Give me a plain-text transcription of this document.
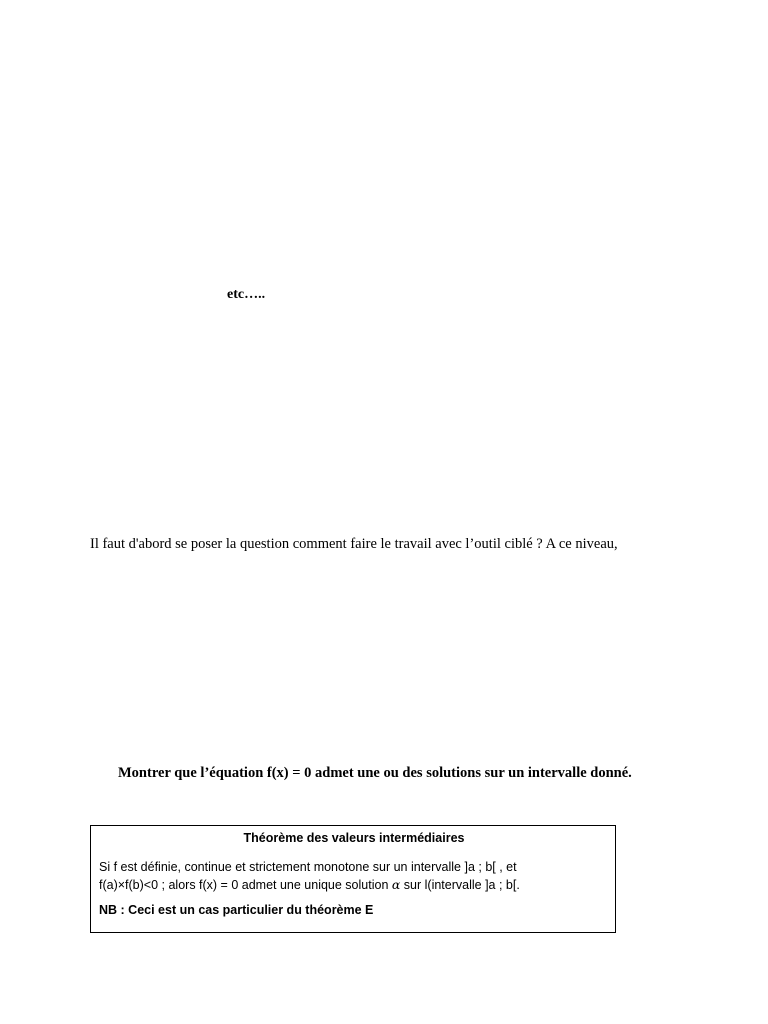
etc…..
Il faut d'abord se poser la question comment faire le travail avec l’outil ciblé ? A ce niveau,
Montrer que l’équation f(x) = 0 admet une ou des solutions sur un intervalle donné.
Théorème des valeurs intermédiaires
Si f est définie, continue et strictement monotone sur un intervalle ]a ; b[ , et
f(a)×f(b)<0 ; alors f(x) = 0 admet une unique solution α sur l(intervalle ]a ; b[.
NB : Ceci est un cas particulier du théorème E
